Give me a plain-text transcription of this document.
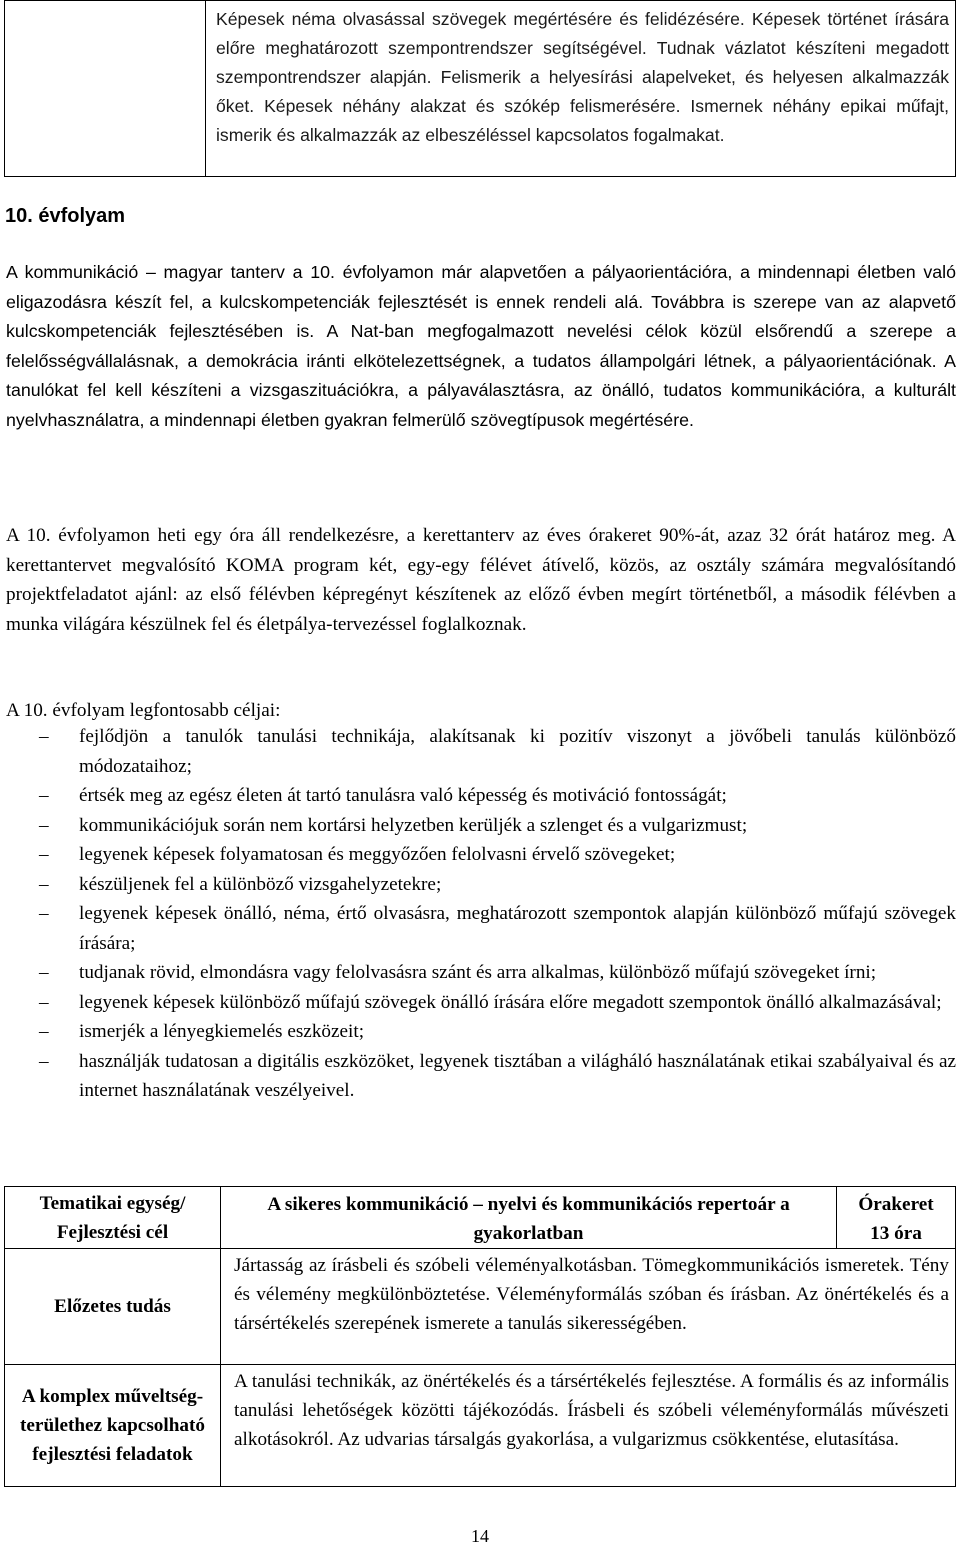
	Képesek néma olvasással szövegek megértésére és felidézésére. Képesek történet írására előre meghatározott szempontrendszer segítségével. Tudnak vázlatot készíteni megadott szempontrendszer alapján. Felismerik a helyesírási alapelveket, és helyesen alkalmazzák őket. Képesek néhány alakzat és szókép felismerésére. Ismernek néhány epikai műfajt, ismerik és alkalmazzák az elbeszéléssel kapcsolatos fogalmakat.
10. évfolyam

A kommunikáció ‒ magyar tanterv a 10. évfolyamon már alapvetően a pályaorientációra, a mindennapi életben való eligazodásra készít fel, a kulcskompetenciák fejlesztését is ennek rendeli alá. Továbbra is szerepe van az alapvető kulcskompetenciák fejlesztésében is. A Nat-ban megfogalmazott nevelési célok közül elsőrendű a szerepe a felelősségvállalásnak, a demokrácia iránti elkötelezettségnek, a tudatos állampolgári létnek, a pályaorientációnak. A tanulókat fel kell készíteni a vizsgaszituációkra, a pályaválasztásra, az önálló, tudatos kommunikációra, a kulturált nyelvhasználatra, a mindennapi életben gyakran felmerülő szövegtípusok megértésére.

A 10. évfolyamon heti egy óra áll rendelkezésre, a kerettanterv az éves órakeret 90%-át, azaz 32 órát határoz meg. A kerettantervet megvalósító KOMA program két, egy-egy félévet átívelő, közös, az osztály számára megvalósítandó projektfeladatot ajánl: az első félévben képregényt készítenek az előző évben megírt történetből, a második félévben a munka világára készülnek fel és életpálya-tervezéssel foglalkoznak.

A 10. évfolyam legfontosabb céljai:

– fejlődjön a tanulók tanulási technikája, alakítsanak ki pozitív viszonyt a jövőbeli tanulás különböző módozataihoz;
– értsék meg az egész életen át tartó tanulásra való képesség és motiváció fontosságát;
– kommunikációjuk során nem kortársi helyzetben kerüljék a szlenget és a vulgarizmust;
– legyenek képesek folyamatosan és meggyőzően felolvasni érvelő szövegeket;
– készüljenek fel a különböző vizsgahelyzetekre;
– legyenek képesek önálló, néma, értő olvasásra, meghatározott szempontok alapján különböző műfajú szövegek írására;
– tudjanak rövid, elmondásra vagy felolvasásra szánt és arra alkalmas, különböző műfajú szövegeket írni;
– legyenek képesek különböző műfajú szövegek önálló írására előre megadott szempontok önálló alkalmazásával;
– ismerjék a lényegkiemelés eszközeit;
– használják tudatosan a digitális eszközöket, legyenek tisztában a világháló használatának etikai szabályaival és az internet használatának veszélyeivel.
Tematikai egység/ Fejlesztési cél	A sikeres kommunikáció ‒ nyelvi és kommunikációs repertoár a gyakorlatban	Órakeret
13 óra

Előzetes tudás	Jártasság az írásbeli és szóbeli véleményalkotásban. Tömegkommunikációs ismeretek. Tény és vélemény megkülönböztetése. Véleményformálás szóban és írásban. Az önértékelés és a társértékelés szerepének ismerete a tanulás sikerességében.	
A komplex műveltség-területhez kapcsolható fejlesztési feladatok	A tanulási technikák, az önértékelés és a társértékelés fejlesztése. A formális és az informális tanulási lehetőségek közötti tájékozódás. Írásbeli és szóbeli véleményformálás művészeti alkotásokról. Az udvarias társalgás gyakorlása, a vulgarizmus csökkentése, elutasítása.	
14
